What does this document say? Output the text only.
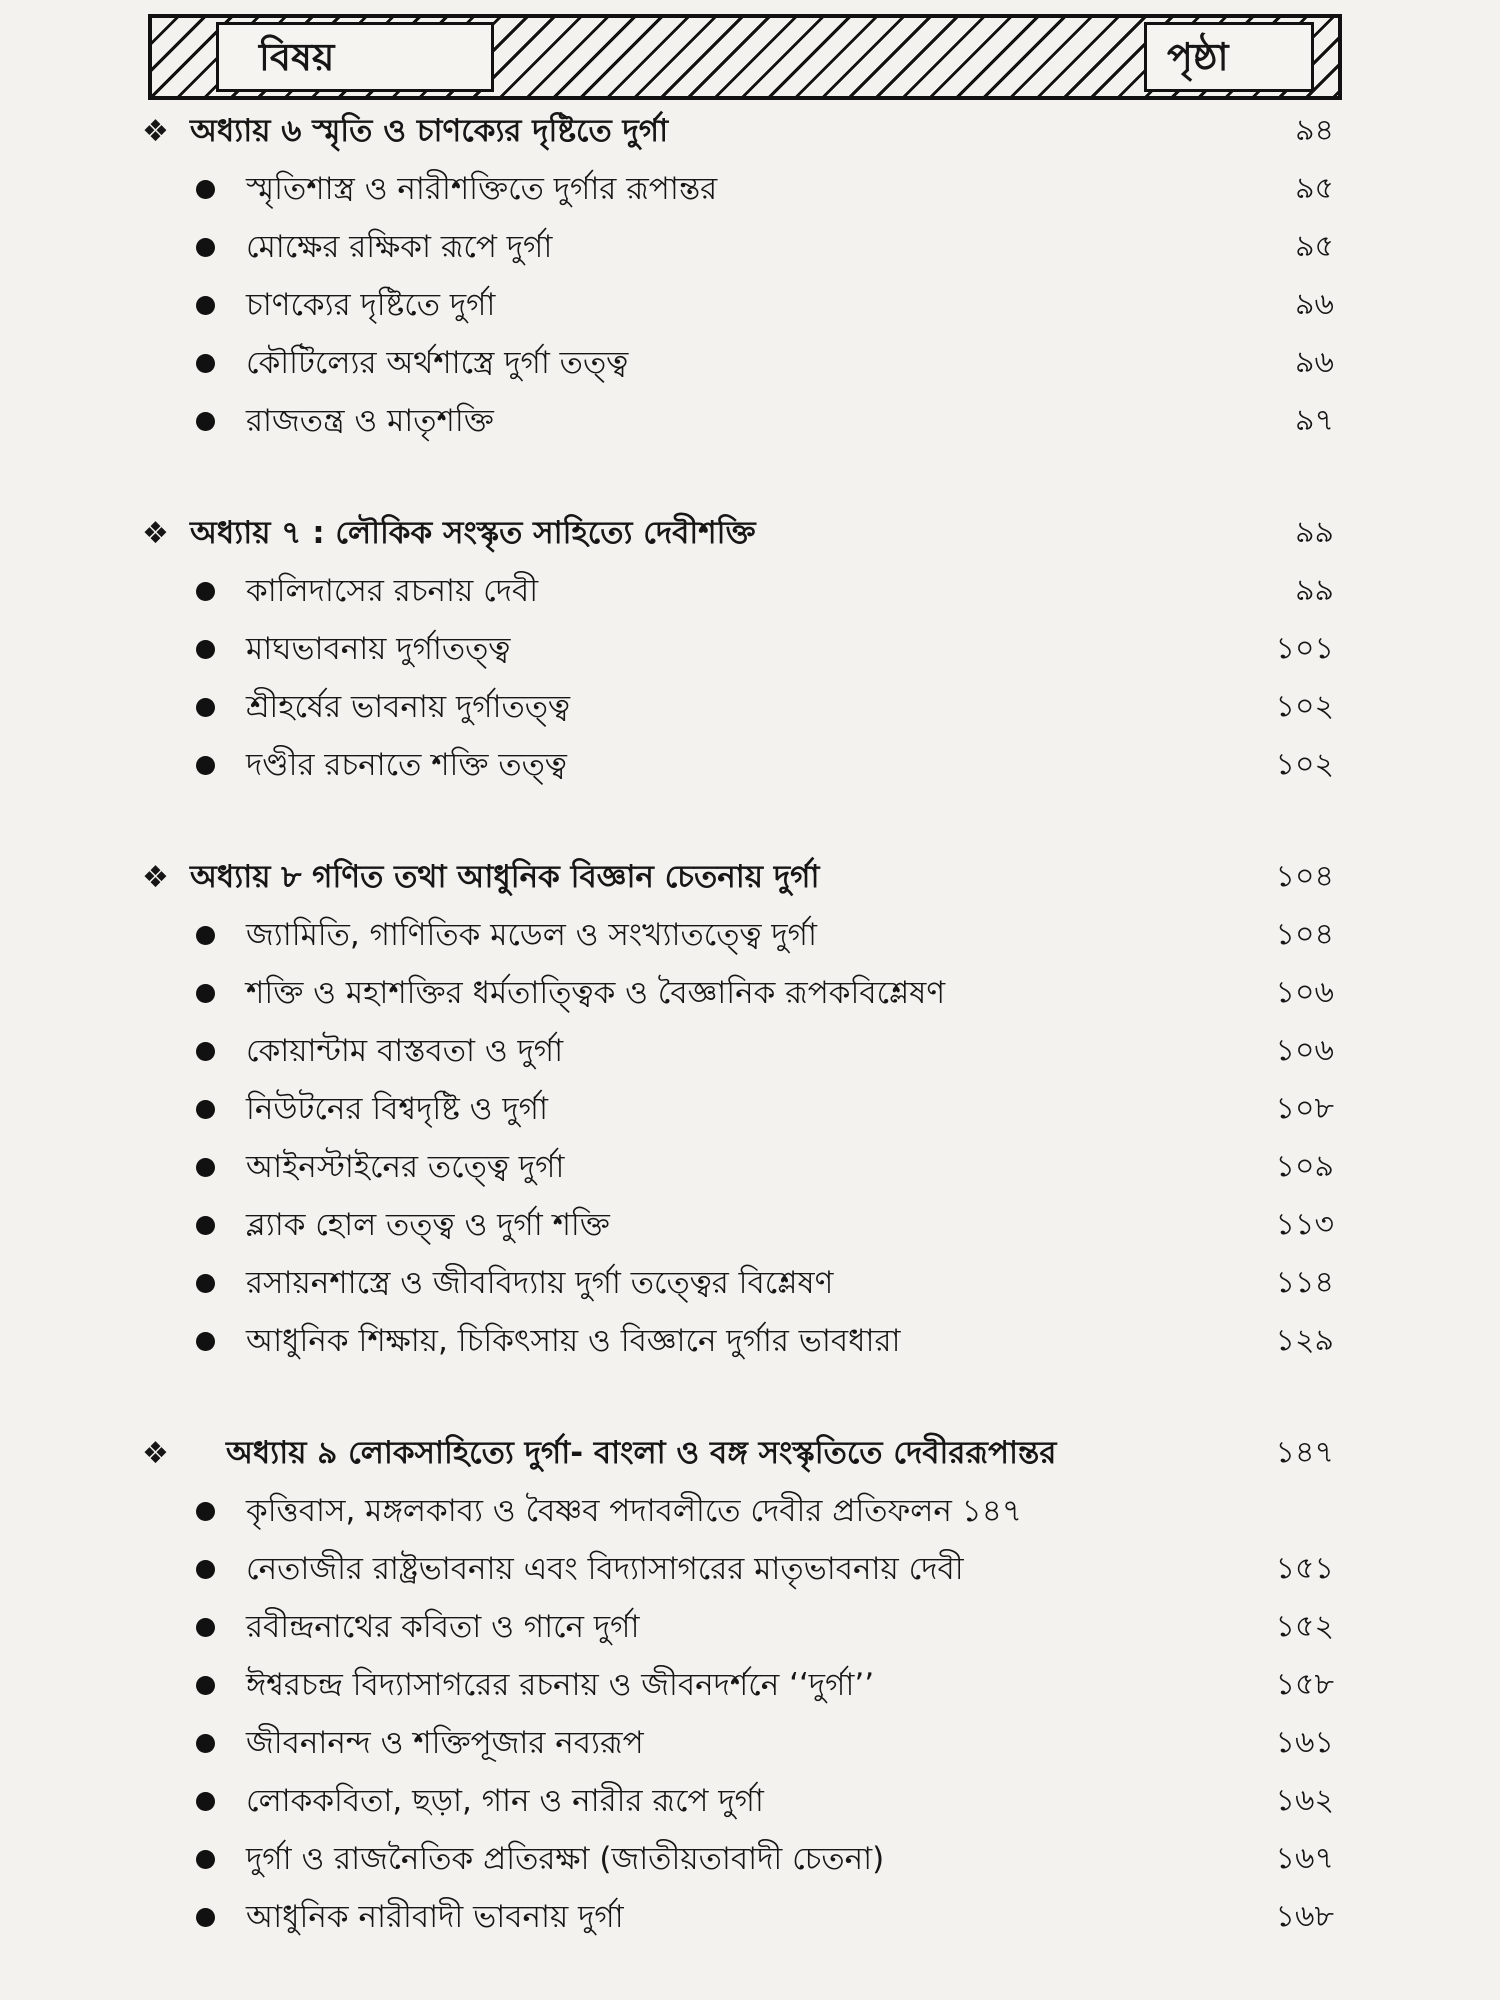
বিষয়	পৃষ্ঠা
❖ অধ্যায় ৬ স্মৃতি ও চাণক্যের দৃষ্টিতে দুর্গা	৯৪
স্মৃতিশাস্ত্র ও নারীশক্তিতে দুর্গার রূপান্তর	৯৫
মোক্ষের রক্ষিকা রূপে দুর্গা	৯৫
চাণক্যের দৃষ্টিতে দুর্গা	৯৬
কৌটিল্যের অর্থশাস্ত্রে দুর্গা তত্ত্ব	৯৬
রাজতন্ত্র ও মাতৃশক্তি	৯৭
❖ অধ্যায় ৭ : লৌকিক সংস্কৃত সাহিত্যে দেবীশক্তি	৯৯
কালিদাসের রচনায় দেবী	৯৯
মাঘভাবনায় দুর্গাতত্ত্ব	১০১
শ্রীহর্ষের ভাবনায় দুর্গাতত্ত্ব	১০২
দণ্ডীর রচনাতে শক্তি তত্ত্ব	১০২
❖ অধ্যায় ৮ গণিত তথা আধুনিক বিজ্ঞান চেতনায় দুর্গা	১০৪
জ্যামিতি, গাণিতিক মডেল ও সংখ্যাতত্ত্বে দুর্গা	১০৪
শক্তি ও মহাশক্তির ধর্মতাত্ত্বিক ও বৈজ্ঞানিক রূপকবিশ্লেষণ	১০৬
কোয়ান্টাম বাস্তবতা ও দুর্গা	১০৬
নিউটনের বিশ্বদৃষ্টি ও দুর্গা	১০৮
আইনস্টাইনের তত্ত্বে দুর্গা	১০৯
ব্ল্যাক হোল তত্ত্ব ও দুর্গা শক্তি	১১৩
রসায়নশাস্ত্রে ও জীববিদ্যায় দুর্গা তত্ত্বের বিশ্লেষণ	১১৪
আধুনিক শিক্ষায়, চিকিৎসায় ও বিজ্ঞানে দুর্গার ভাবধারা	১২৯
❖ অধ্যায় ৯ লোকসাহিত্যে দুর্গা- বাংলা ও বঙ্গ সংস্কৃতিতে দেবীররূপান্তর	১৪৭
কৃত্তিবাস, মঙ্গলকাব্য ও বৈষ্ণব পদাবলীতে দেবীর প্রতিফলন ১৪৭
নেতাজীর রাষ্ট্রভাবনায় এবং বিদ্যাসাগরের মাতৃভাবনায় দেবী	১৫১
রবীন্দ্রনাথের কবিতা ও গানে দুর্গা	১৫২
ঈশ্বরচন্দ্র বিদ্যাসাগরের রচনায় ও জীবনদর্শনে ‘‘দুর্গা’’	১৫৮
জীবনানন্দ ও শক্তিপূজার নব্যরূপ	১৬১
লোককবিতা, ছড়া, গান ও নারীর রূপে দুর্গা	১৬২
দুর্গা ও রাজনৈতিক প্রতিরক্ষা (জাতীয়তাবাদী চেতনা)	১৬৭
আধুনিক নারীবাদী ভাবনায় দুর্গা	১৬৮
